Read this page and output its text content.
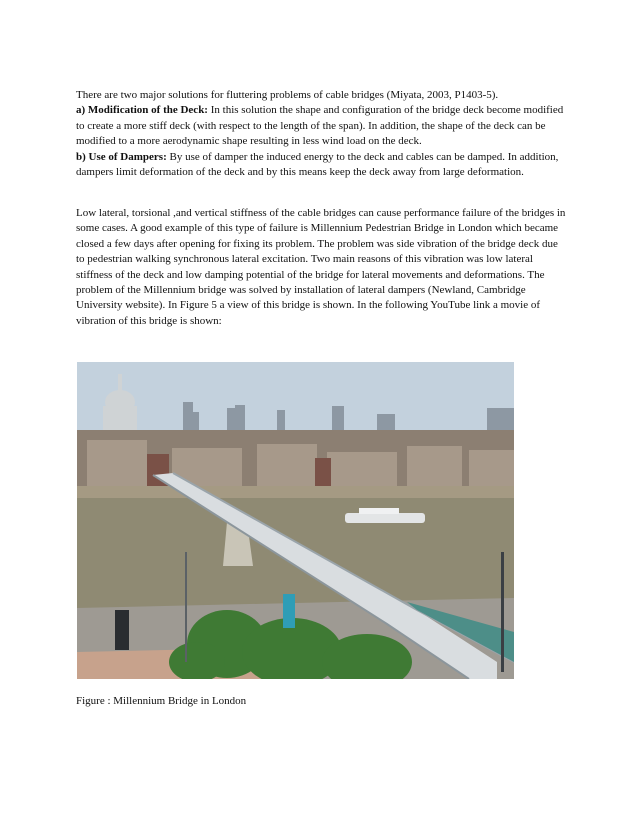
There are two major solutions for fluttering problems of cable bridges (Miyata, 2003, P1403-5).
a) Modification of the Deck: In this solution the shape and configuration of the bridge deck become modified to create a more stiff deck (with respect to the length of the span). In addition, the shape of the deck can be modified to a more aerodynamic shape resulting in less wind load on the deck.
b) Use of Dampers: By use of damper the induced energy to the deck and cables can be damped. In addition, dampers limit deformation of the deck and by this means keep the deck away from large deformation.

Low lateral, torsional ,and vertical stiffness of the cable bridges can cause performance failure of the bridges in some cases. A good example of this type of failure is Millennium Pedestrian Bridge in London which became closed a few days after opening for fixing its problem. The problem was side vibration of the bridge deck due to pedestrian walking synchronous lateral excitation. Two main reasons of this vibration was low lateral stiffness of the deck and low damping potential of the bridge for lateral movements and deformations. The problem of the Millennium bridge was solved by installation of lateral dampers (Newland, Cambridge University website). In Figure 5 a view of this bridge is shown. In the following YouTube link a movie of vibration of this bridge is shown:

Figure : Millennium Bridge in London
